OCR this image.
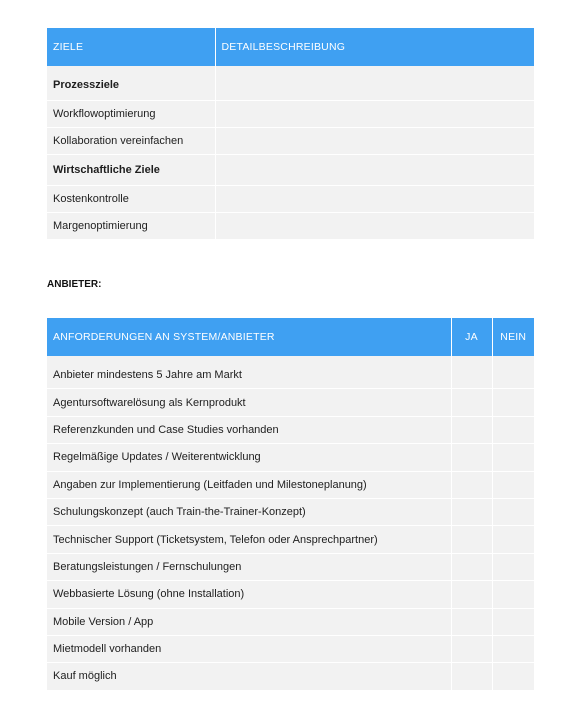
ZIELE	DETAILBESCHREIBUNG

Prozessziele	
Workflowoptimierung	
Kollaboration vereinfachen	
Wirtschaftliche Ziele	
Kostenkontrolle	
Margenoptimierung	
ANBIETER:
ANFORDERUNGEN AN SYSTEM/ANBIETER	JA	NEIN

Anbieter mindestens 5 Jahre am Markt		
Agentursoftwarelösung als Kernprodukt		
Referenzkunden und Case Studies vorhanden		
Regelmäßige Updates / Weiterentwicklung		
Angaben zur Implementierung (Leitfaden und Milestoneplanung)		
Schulungskonzept (auch Train-the-Trainer-Konzept)		
Technischer Support (Ticketsystem, Telefon oder Ansprechpartner)		
Beratungsleistungen / Fernschulungen		
Webbasierte Lösung (ohne Installation)		
Mobile Version / App		
Mietmodell vorhanden		
Kauf möglich		
